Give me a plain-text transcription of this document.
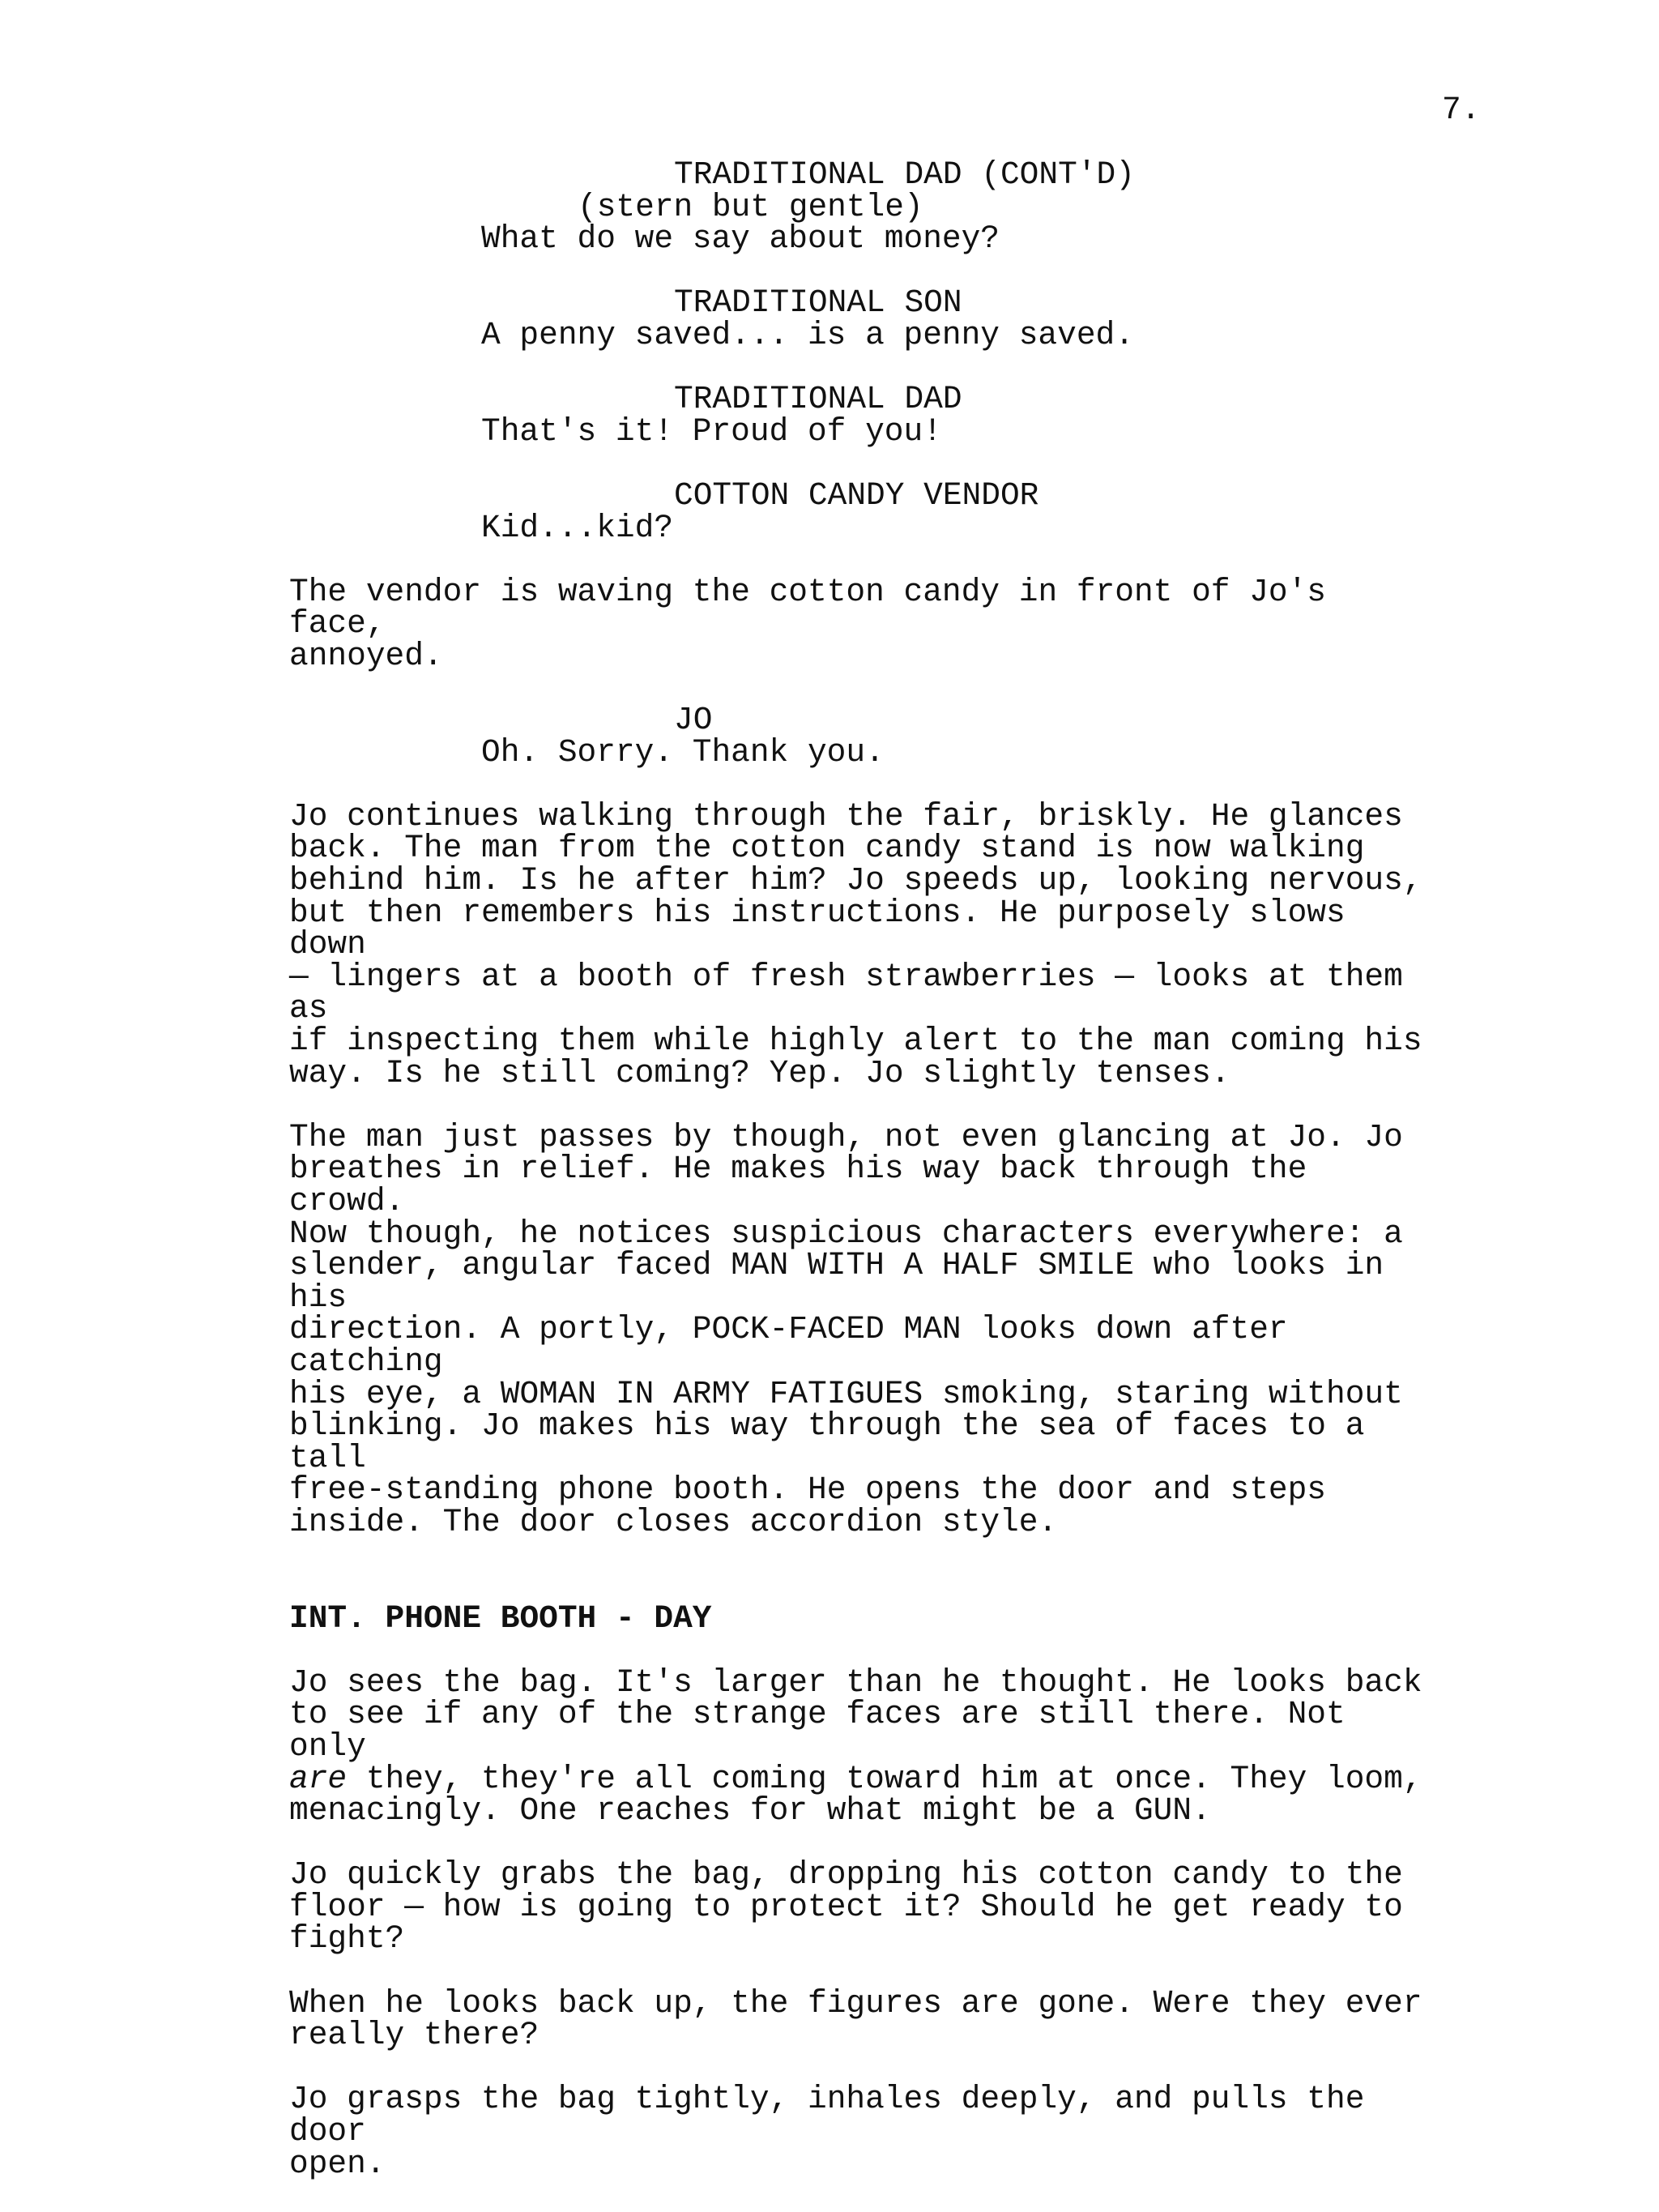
7.

TRADITIONAL DAD (CONT'D)

(stern but gentle)

What do we say about money?

TRADITIONAL SON

A penny saved... is a penny saved.

TRADITIONAL DAD

That's it! Proud of you!

COTTON CANDY VENDOR

Kid...kid?

The vendor is waving the cotton candy in front of Jo's face,
annoyed.

JO

Oh. Sorry. Thank you.

Jo continues walking through the fair, briskly. He glances
back. The man from the cotton candy stand is now walking
behind him. Is he after him? Jo speeds up, looking nervous,
but then remembers his instructions. He purposely slows down
— lingers at a booth of fresh strawberries — looks at them as
if inspecting them while highly alert to the man coming his
way. Is he still coming? Yep. Jo slightly tenses.

The man just passes by though, not even glancing at Jo. Jo
breathes in relief. He makes his way back through the crowd.
Now though, he notices suspicious characters everywhere: a
slender, angular faced MAN WITH A HALF SMILE who looks in his
direction. A portly, POCK-FACED MAN looks down after catching
his eye, a WOMAN IN ARMY FATIGUES smoking, staring without
blinking. Jo makes his way through the sea of faces to a tall
free-standing phone booth. He opens the door and steps
inside. The door closes accordion style.

INT. PHONE BOOTH - DAY

Jo sees the bag. It's larger than he thought. He looks back
to see if any of the strange faces are still there. Not only
are they, they're all coming toward him at once. They loom,
menacingly. One reaches for what might be a GUN.

Jo quickly grabs the bag, dropping his cotton candy to the
floor — how is going to protect it? Should he get ready to
fight?

When he looks back up, the figures are gone. Were they ever
really there?

Jo grasps the bag tightly, inhales deeply, and pulls the door
open.
